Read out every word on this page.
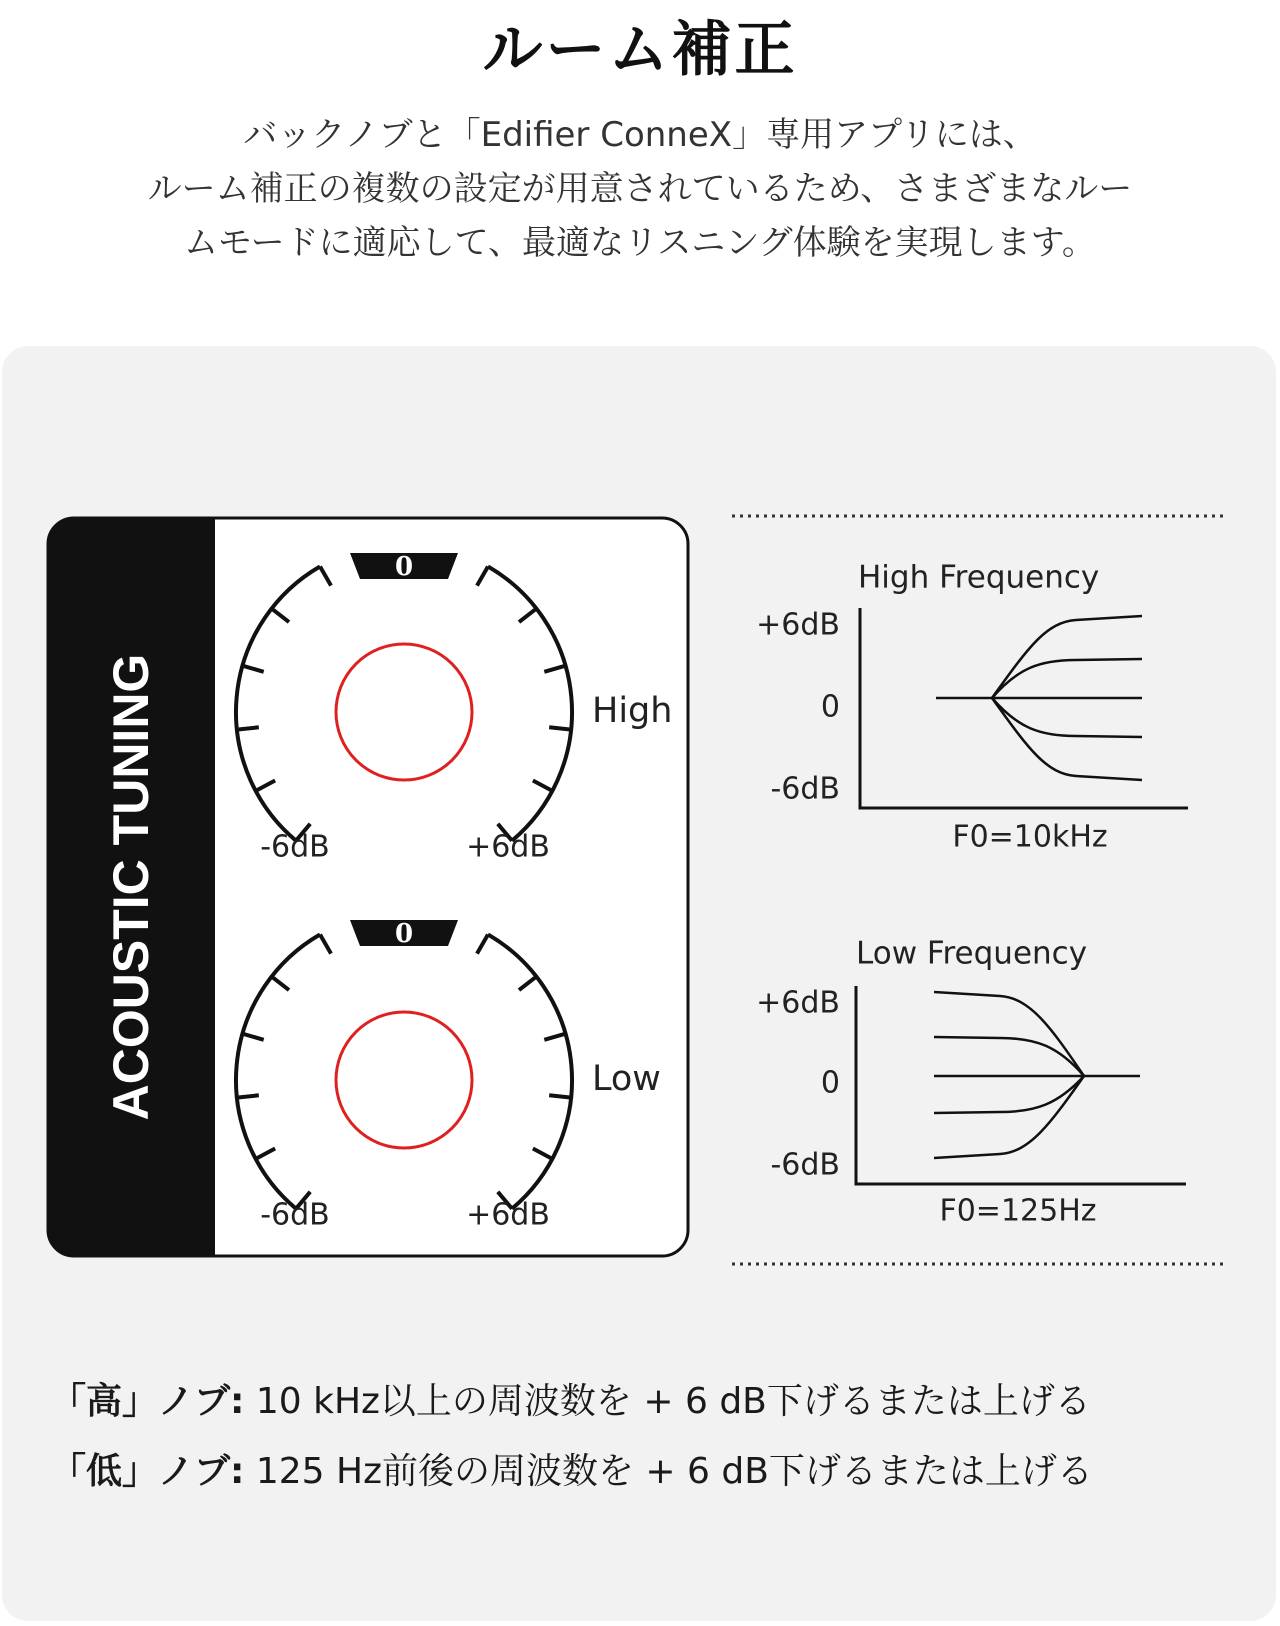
ルーム補正
バックノブと「Edifier ConneX」専用アプリには、
ルーム補正の複数の設定が用意されているため、さまざまなルー
ムモードに適応して、最適なリスニング体験を実現します。
ACOUSTIC TUNING
0
-6dB	+6dB
High
0
-6dB	+6dB
Low
High Frequency
+6dB
0
-6dB
F0=10kHz
Low Frequency
+6dB
0
-6dB
F0=125Hz
「高」ノブ: 10 kHz以上の周波数を + 6 dB下げるまたは上げる
「低」ノブ: 125 Hz前後の周波数を + 6 dB下げるまたは上げる
